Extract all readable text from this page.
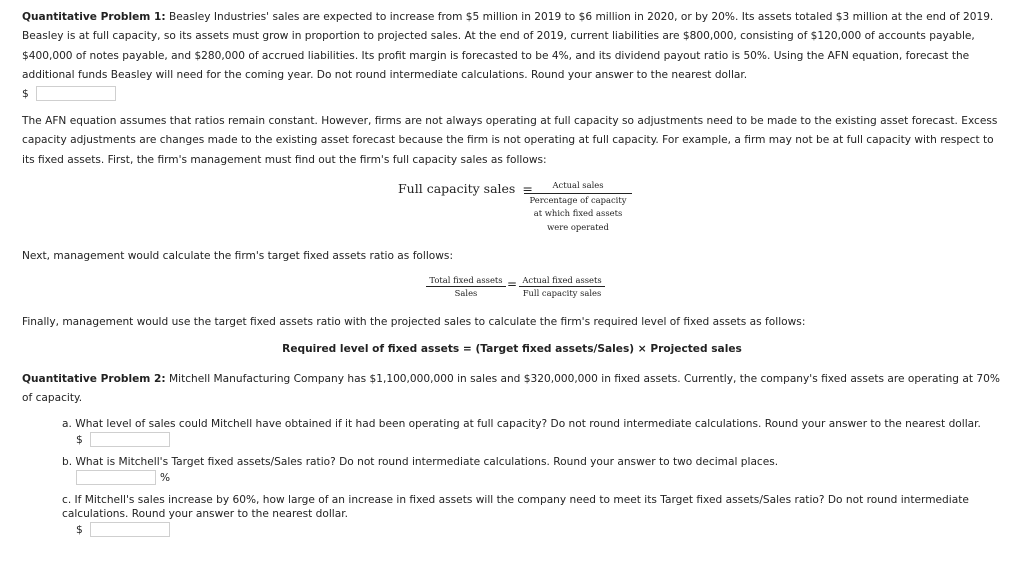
Quantitative Problem 1: Beasley Industries' sales are expected to increase from $5 million in 2019 to $6 million in 2020, or by 20%. Its assets totaled $3 million at the end of 2019. Beasley is at full capacity, so its assets must grow in proportion to projected sales. At the end of 2019, current liabilities are $800,000, consisting of $120,000 of accounts payable, $400,000 of notes payable, and $280,000 of accrued liabilities. Its profit margin is forecasted to be 4%, and its dividend payout ratio is 50%. Using the AFN equation, forecast the additional funds Beasley will need for the coming year. Do not round intermediate calculations. Round your answer to the nearest dollar.

$

The AFN equation assumes that ratios remain constant. However, firms are not always operating at full capacity so adjustments need to be made to the existing asset forecast. Excess capacity adjustments are changes made to the existing asset forecast because the firm is not operating at full capacity. For example, a firm may not be at full capacity with respect to its fixed assets. First, the firm's management must find out the firm's full capacity sales as follows:

Full capacity sales =	Actual sales
Percentage of capacity
at which fixed assets
were operated

Next, management would calculate the firm's target fixed assets ratio as follows:

Total fixed assets
Sales
= Actual fixed assets
Full capacity sales

Finally, management would use the target fixed assets ratio with the projected sales to calculate the firm's required level of fixed assets as follows:

Required level of fixed assets = (Target fixed assets/Sales) × Projected sales

Quantitative Problem 2: Mitchell Manufacturing Company has $1,100,000,000 in sales and $320,000,000 in fixed assets. Currently, the company's fixed assets are operating at 70% of capacity.

a. What level of sales could Mitchell have obtained if it had been operating at full capacity? Do not round intermediate calculations. Round your answer to the nearest dollar.
$
b. What is Mitchell's Target fixed assets/Sales ratio? Do not round intermediate calculations. Round your answer to two decimal places.
%
c. If Mitchell's sales increase by 60%, how large of an increase in fixed assets will the company need to meet its Target fixed assets/Sales ratio? Do not round intermediate calculations. Round your answer to the nearest dollar.
$
